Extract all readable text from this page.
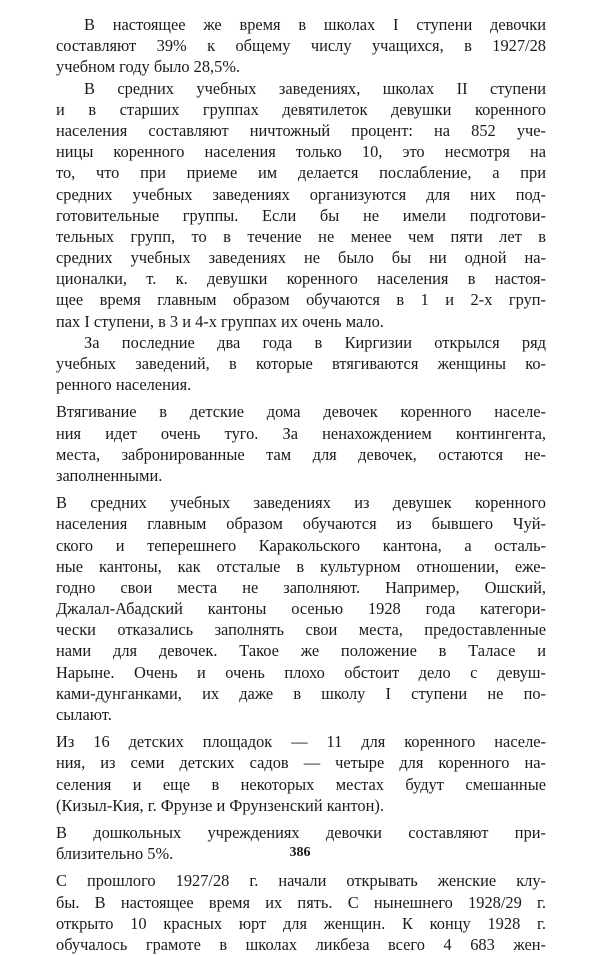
В настоящее же время в школах I ступени девочки
составляют 39% к общему числу учащихся, в 1927/28
учебном году было 28,5%.
В средних учебных заведениях, школах II ступени
и в старших группах девятилеток девушки коренного
населения составляют ничтожный процент: на 852 уче-
ницы коренного населения только 10, это несмотря на
то, что при приеме им делается послабление, а при
средних учебных заведениях организуются для них под-
готовительные группы. Если бы не имели подготови-
тельных групп, то в течение не менее чем пяти лет в
средних учебных заведениях не было бы ни одной на-
ционалки, т. к. девушки коренного населения в настоя-
щее время главным образом обучаются в 1 и 2-х груп-
пах I ступени, в 3 и 4-х группах их очень мало.
За последние два года в Киргизии открылся ряд
учебных заведений, в которые втягиваются женщины ко-
ренного населения.
Втягивание в детские дома девочек коренного населе-
ния идет очень туго. За ненахождением контингента,
места, забронированные там для девочек, остаются не-
заполненными.
В средних учебных заведениях из девушек коренного
населения главным образом обучаются из бывшего Чуй-
ского и теперешнего Каракольского кантона, а осталь-
ные кантоны, как отсталые в культурном отношении, еже-
годно свои места не заполняют. Например, Ошский,
Джалал-Абадский кантоны осенью 1928 года категори-
чески отказались заполнять свои места, предоставленные
нами для девочек. Такое же положение в Таласе и
Нарыне. Очень и очень плохо обстоит дело с девуш-
ками-дунганками, их даже в школу I ступени не по-
сылают.
Из 16 детских площадок — 11 для коренного населе-
ния, из семи детских садов — четыре для коренного на-
селения и еще в некоторых местах будут смешанные
(Кизыл-Кия, г. Фрунзе и Фрунзенский кантон).
В дошкольных учреждениях девочки составляют при-
близительно 5%.
С прошлого 1927/28 г. начали открывать женские клу-
бы. В настоящее время их пять. С нынешнего 1928/29 г.
открыто 10 красных юрт для женщин. К концу 1928 г.
обучалось грамоте в школах ликбеза всего 4 683 жен-
386
